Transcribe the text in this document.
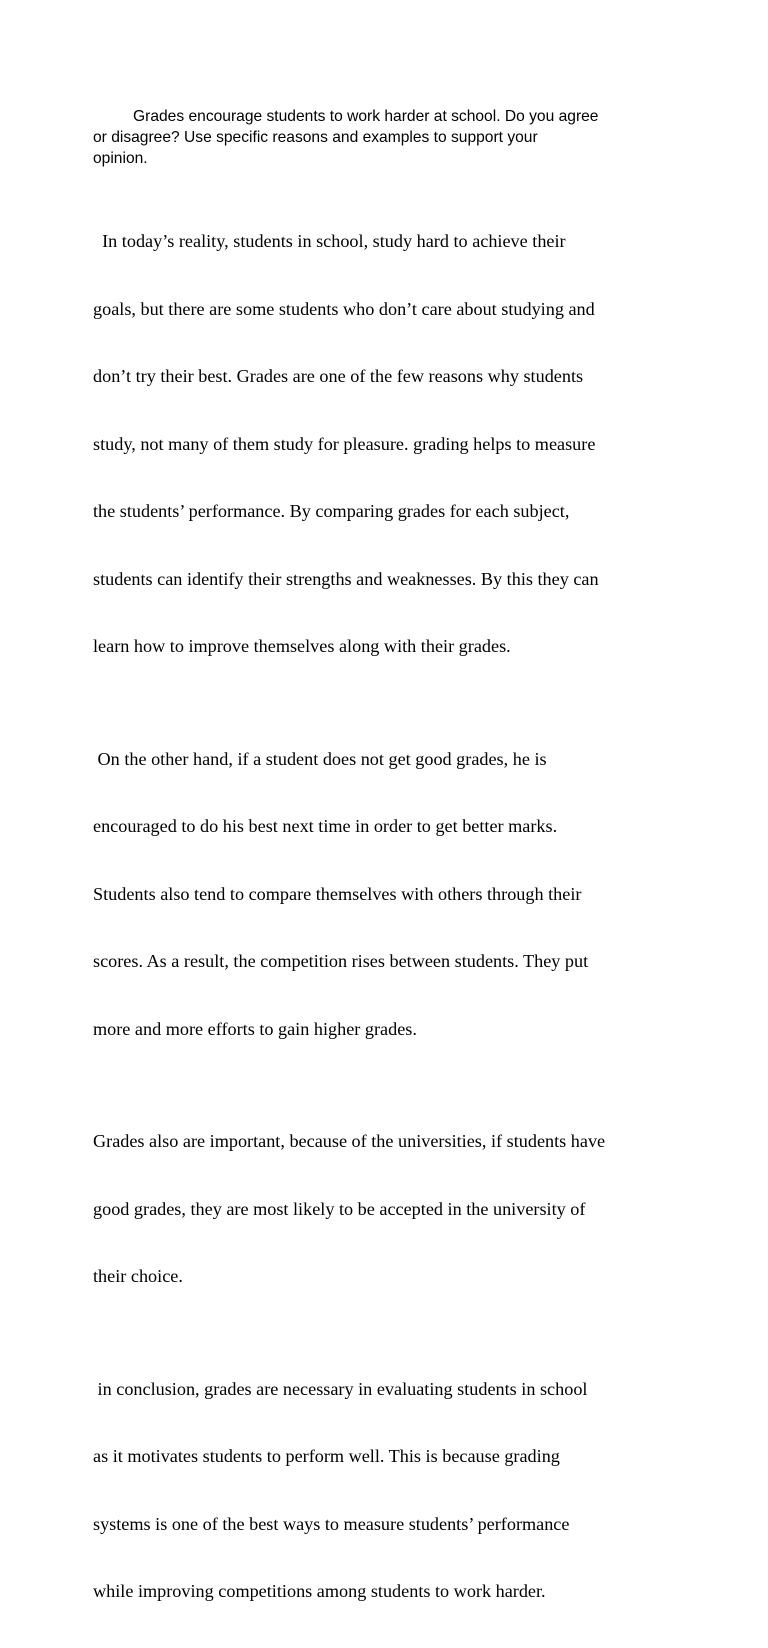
Grades encourage students to work harder at school. Do you agree
or disagree? Use specific reasons and examples to support your
opinion.

In today’s reality, students in school, study hard to achieve their

goals, but there are some students who don’t care about studying and

don’t try their best. Grades are one of the few reasons why students

study, not many of them study for pleasure. grading helps to measure

the students’ performance. By comparing grades for each subject,

students can identify their strengths and weaknesses. By this they can

learn how to improve themselves along with their grades.

On the other hand, if a student does not get good grades, he is

encouraged to do his best next time in order to get better marks.

Students also tend to compare themselves with others through their

scores. As a result, the competition rises between students. They put

more and more efforts to gain higher grades.

Grades also are important, because of the universities, if students have

good grades, they are most likely to be accepted in the university of

their choice.

in conclusion, grades are necessary in evaluating students in school

as it motivates students to perform well. This is because grading

systems is one of the best ways to measure students’ performance

while improving competitions among students to work harder.
